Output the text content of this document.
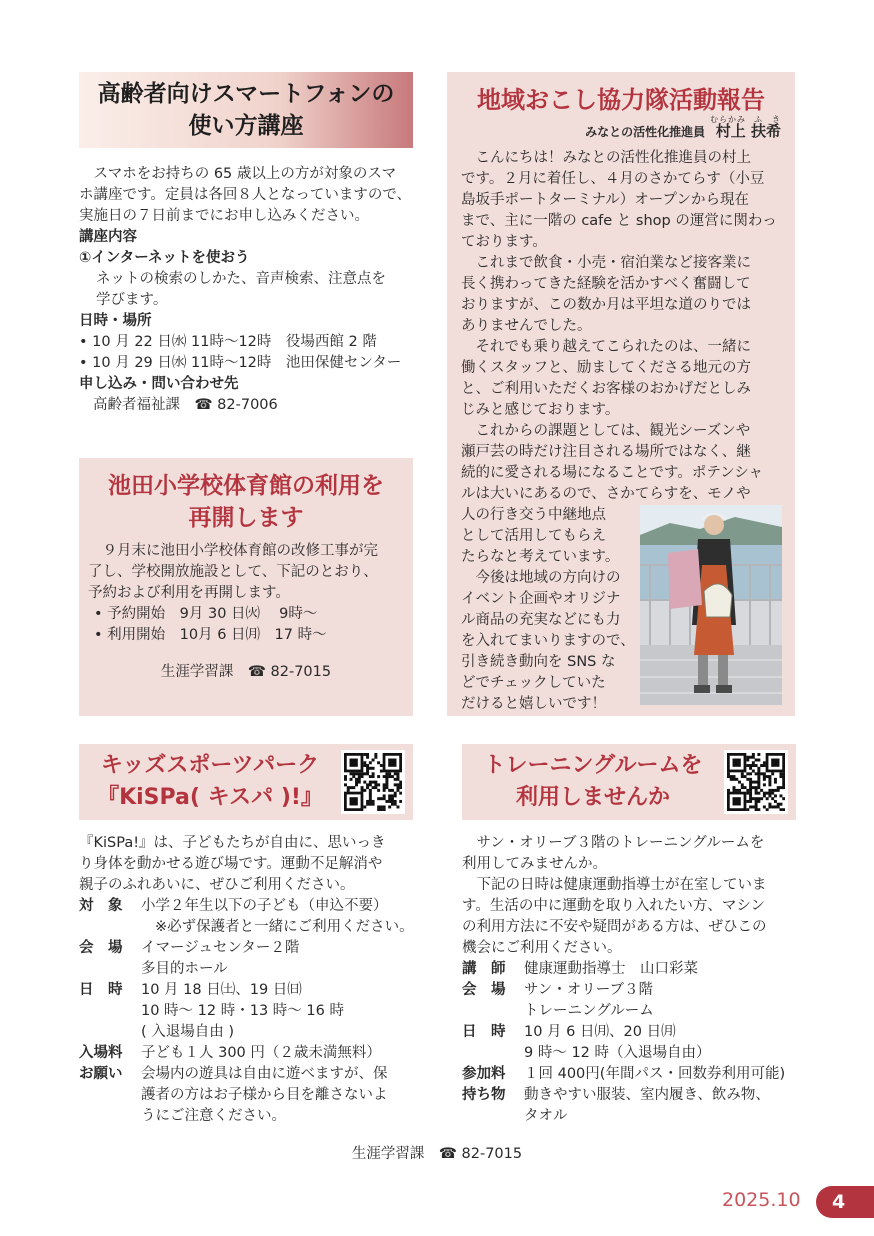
高齢者向けスマートフォンの
使い方講座
スマホをお持ちの 65 歳以上の方が対象のスマ
ホ講座です。定員は各回８人となっていますので、
実施日の７日前までにお申し込みください。
講座内容
①インターネットを使おう
ネットの検索のしかた、音声検索、注意点を
学びます。
日時・場所
• 10 月 22 日㈬ 11時〜12時　役場西館 2 階
• 10 月 29 日㈬ 11時〜12時　池田保健センター
申し込み・問い合わせ先
高齢者福祉課　☎ 82-7006
池田小学校体育館の利用を
再開します
９月末に池田小学校体育館の改修工事が完
了し、学校開放施設として、下記のとおり、
予約および利用を再開します。
• 予約開始　9月 30 日㈫　 9時〜
• 利用開始　10月 6 日㈪　17 時〜
生涯学習課　☎ 82-7015
地域おこし協力隊活動報告
むらかみ ふ　き
みなとの活性化推進員 村上 扶希
こんにちは！みなとの活性化推進員の村上
です。２月に着任し、４月のさかてらす（小豆
島坂手ポートターミナル）オープンから現在
まで、主に一階の cafe と shop の運営に関わっ
ております。
これまで飲食・小売・宿泊業など接客業に
長く携わってきた経験を活かすべく奮闘して
おりますが、この数か月は平坦な道のりでは
ありませんでした。
それでも乗り越えてこられたのは、一緒に
働くスタッフと、励ましてくださる地元の方
と、ご利用いただくお客様のおかげだとしみ
じみと感じております。
これからの課題としては、観光シーズンや
瀬戸芸の時だけ注目される場所ではなく、継
続的に愛される場になることです。ポテンシャ
ルは大いにあるので、さかてらすを、モノや
人の行き交う中継地点
として活用してもらえ
たらなと考えています。
今後は地域の方向けの
イベント企画やオリジナ
ル商品の充実などにも力
を入れてまいりますので、
引き続き動向を SNS な
どでチェックしていた
だけると嬉しいです！
キッズスポーツパーク
『KiSPa( キスパ )!』
『KiSPa!』は、子どもたちが自由に、思いっき
り身体を動かせる遊び場です。運動不足解消や
親子のふれあいに、ぜひご利用ください。
対　象	小学２年生以下の子ども（申込不要）
※必ず保護者と一緒にご利用ください。
会　場	イマージュセンター２階
多目的ホール
日　時	10 月 18 日㈯、19 日㈰
10 時〜 12 時・13 時〜 16 時
( 入退場自由 )
入場料	子ども１人 300 円（２歳未満無料）
お願い	会場内の遊具は自由に遊べますが、保
護者の方はお子様から目を離さないよ
うにご注意ください。
トレーニングルームを
利用しませんか
サン・オリーブ３階のトレーニングルームを
利用してみませんか。
下記の日時は健康運動指導士が在室していま
す。生活の中に運動を取り入れたい方、マシン
の利用方法に不安や疑問がある方は、ぜひこの
機会にご利用ください。
講　師	健康運動指導士　山口彩菜
会　場	サン・オリーブ３階
トレーニングルーム
日　時	10 月 6 日㈪、20 日㈪
9 時〜 12 時（入退場自由）
参加料	１回 400円(年間パス・回数券利用可能)
持ち物	動きやすい服装、室内履き、飲み物、
タオル
生涯学習課　☎ 82-7015
2025.10	4
